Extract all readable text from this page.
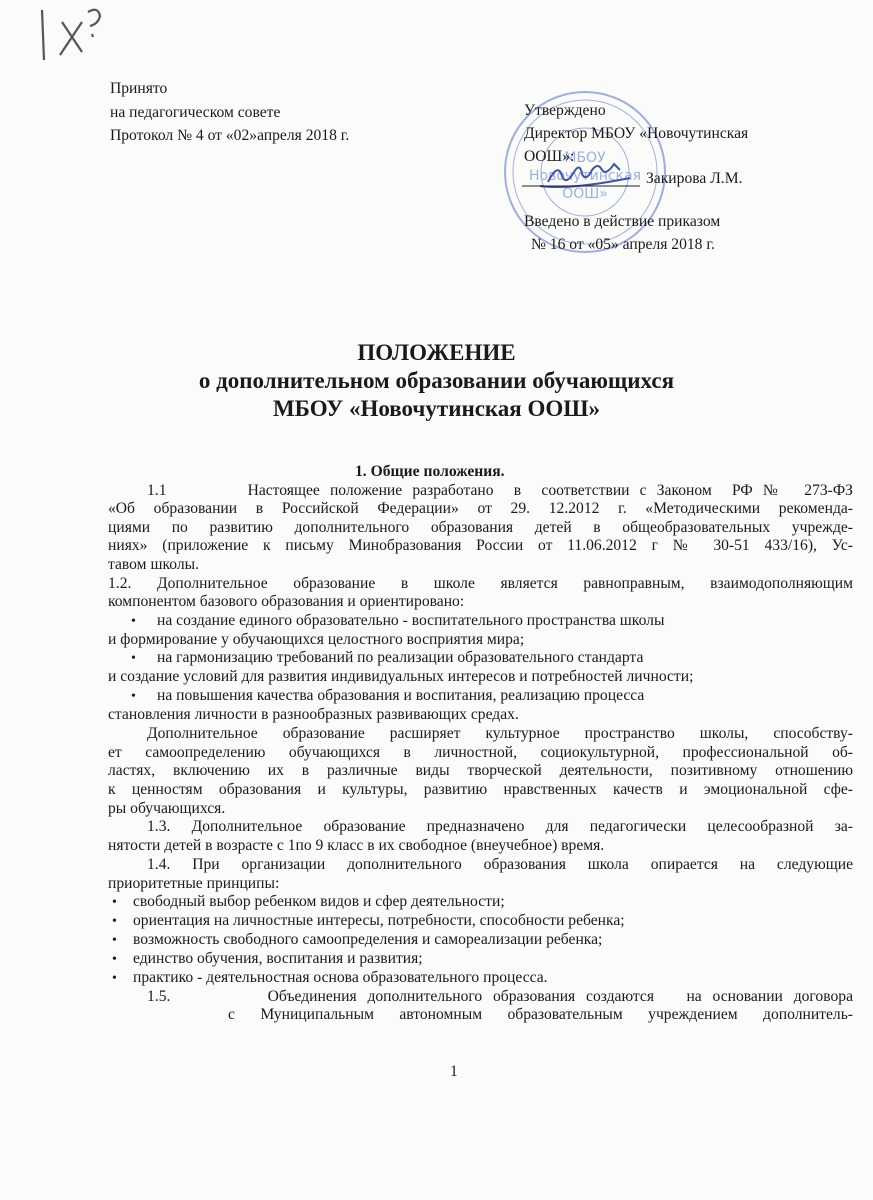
МБОУ
Новочутинская
ООШ»
Принято
на педагогическом совете
Протокол № 4 от «02»апреля 2018 г.
Утверждено
Директор МБОУ «Новочутинская
ООШ»:
Закирова Л.М.
Введено в действие приказом
№ 16 от «05» апреля 2018 г.
ПОЛОЖЕНИЕ
о дополнительном образовании обучающихся
МБОУ «Новочутинская ООШ»
1. Общие положения.
1.1        Настоящее положение разработано  в  соответствии с Законом  РФ №  273-ФЗ
«Об образовании в Российской Федерации» от 29. 12.2012 г. «Методическими рекоменда-
циями по развитию дополнительного образования детей в общеобразовательных учрежде-
ниях» (приложение к письму Минобразования России от 11.06.2012 г № 30-51 433/16), Ус-
тавом школы.
1.2. Дополнительное образование в школе является равноправным, взаимодополняющим
компонентом базового образования и ориентировано:
• на создание единого образовательно - воспитательного пространства школы
и формирование у обучающихся целостного восприятия мира;
• на гармонизацию требований по реализации образовательного стандарта
и создание условий для развития индивидуальных интересов и потребностей личности;
• на повышения качества образования и воспитания, реализацию процесса
становления личности в разнообразных развивающих средах.
Дополнительное образование расширяет культурное пространство школы, способству-
ет самоопределению обучающихся в личностной, социокультурной, профессиональной об-
ластях, включению их в различные виды творческой деятельности, позитивному отношению
к ценностям образования и культуры, развитию нравственных качеств и эмоциональной сфе-
ры обучающихся.
1.3. Дополнительное образование предназначено для педагогически целесообразной за-
нятости детей в возрасте с 1по 9 класс в их свободное (внеучебное) время.
1.4. При организации дополнительного образования школа опирается на следующие
приоритетные принципы:
• свободный выбор ребенком видов и сфер деятельности;
• ориентация на личностные интересы, потребности, способности ребенка;
• возможность свободного самоопределения и самореализации ребенка;
• единство обучения, воспитания и развития;
• практико - деятельностная основа образовательного процесса.
1.5.         Объединения дополнительного образования создаются   на основании договора
с Муниципальным автономным образовательным учреждением дополнитель-
1
